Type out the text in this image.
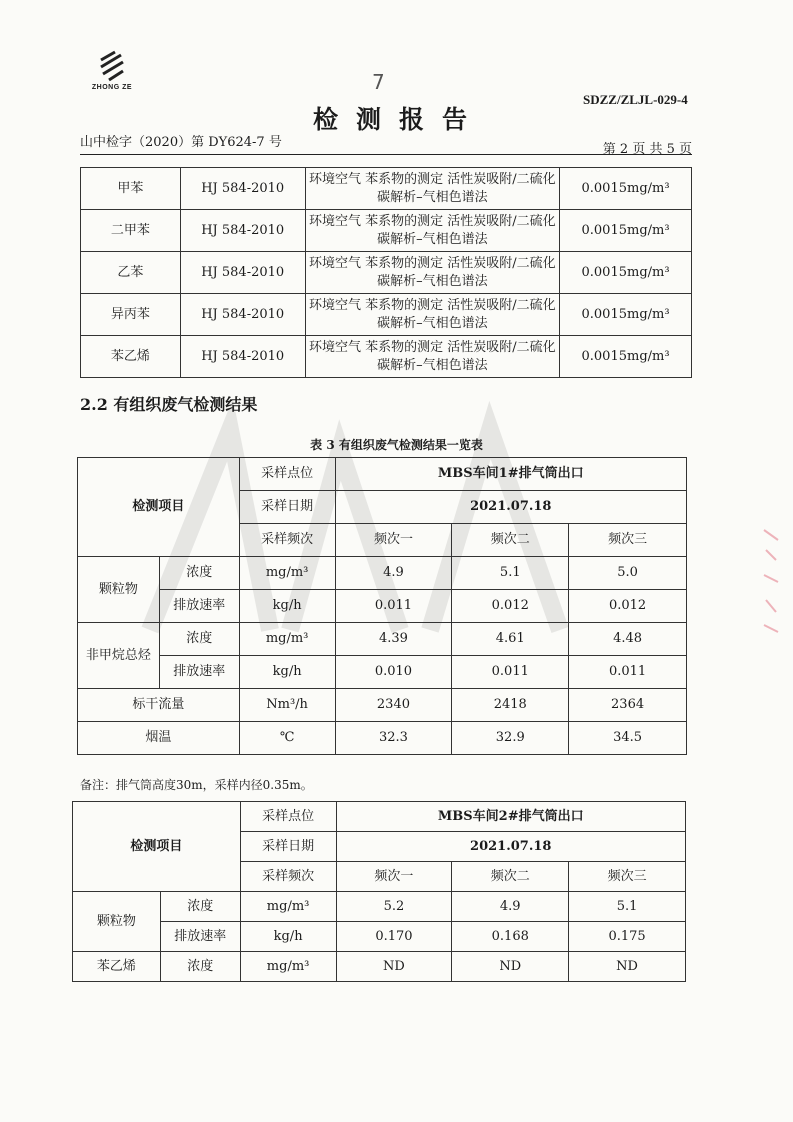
ZHONG ZE	7
检测报告
SDZZ/ZLJL-029-4
山中检字（2020）第 DY624-7 号	第 2 页 共 5 页
甲苯	HJ 584-2010	环境空气 苯系物的测定 活性炭吸附/二硫化碳解析–气相色谱法	0.0015mg/m³
二甲苯	HJ 584-2010	环境空气 苯系物的测定 活性炭吸附/二硫化碳解析–气相色谱法	0.0015mg/m³
乙苯	HJ 584-2010	环境空气 苯系物的测定 活性炭吸附/二硫化碳解析–气相色谱法	0.0015mg/m³
异丙苯	HJ 584-2010	环境空气 苯系物的测定 活性炭吸附/二硫化碳解析–气相色谱法	0.0015mg/m³
苯乙烯	HJ 584-2010	环境空气 苯系物的测定 活性炭吸附/二硫化碳解析–气相色谱法	0.0015mg/m³
2.2 有组织废气检测结果
表 3 有组织废气检测结果一览表
检测项目		采样点位	MBS车间1#排气筒出口		
		采样日期	2021.07.18		
		采样频次	频次一	频次二	频次三
颗粒物	浓度	mg/m³	4.9	5.1	5.0
	排放速率	kg/h	0.011	0.012	0.012
非甲烷总烃	浓度	mg/m³	4.39	4.61	4.48
	排放速率	kg/h	0.010	0.011	0.011
标干流量		Nm³/h	2340	2418	2364
烟温		℃	32.3	32.9	34.5
备注：排气筒高度30m，采样内径0.35m。
检测项目		采样点位	MBS车间2#排气筒出口		
		采样日期	2021.07.18		
		采样频次	频次一	频次二	频次三
颗粒物	浓度	mg/m³	5.2	4.9	5.1
	排放速率	kg/h	0.170	0.168	0.175
苯乙烯	浓度	mg/m³	ND	ND	ND
